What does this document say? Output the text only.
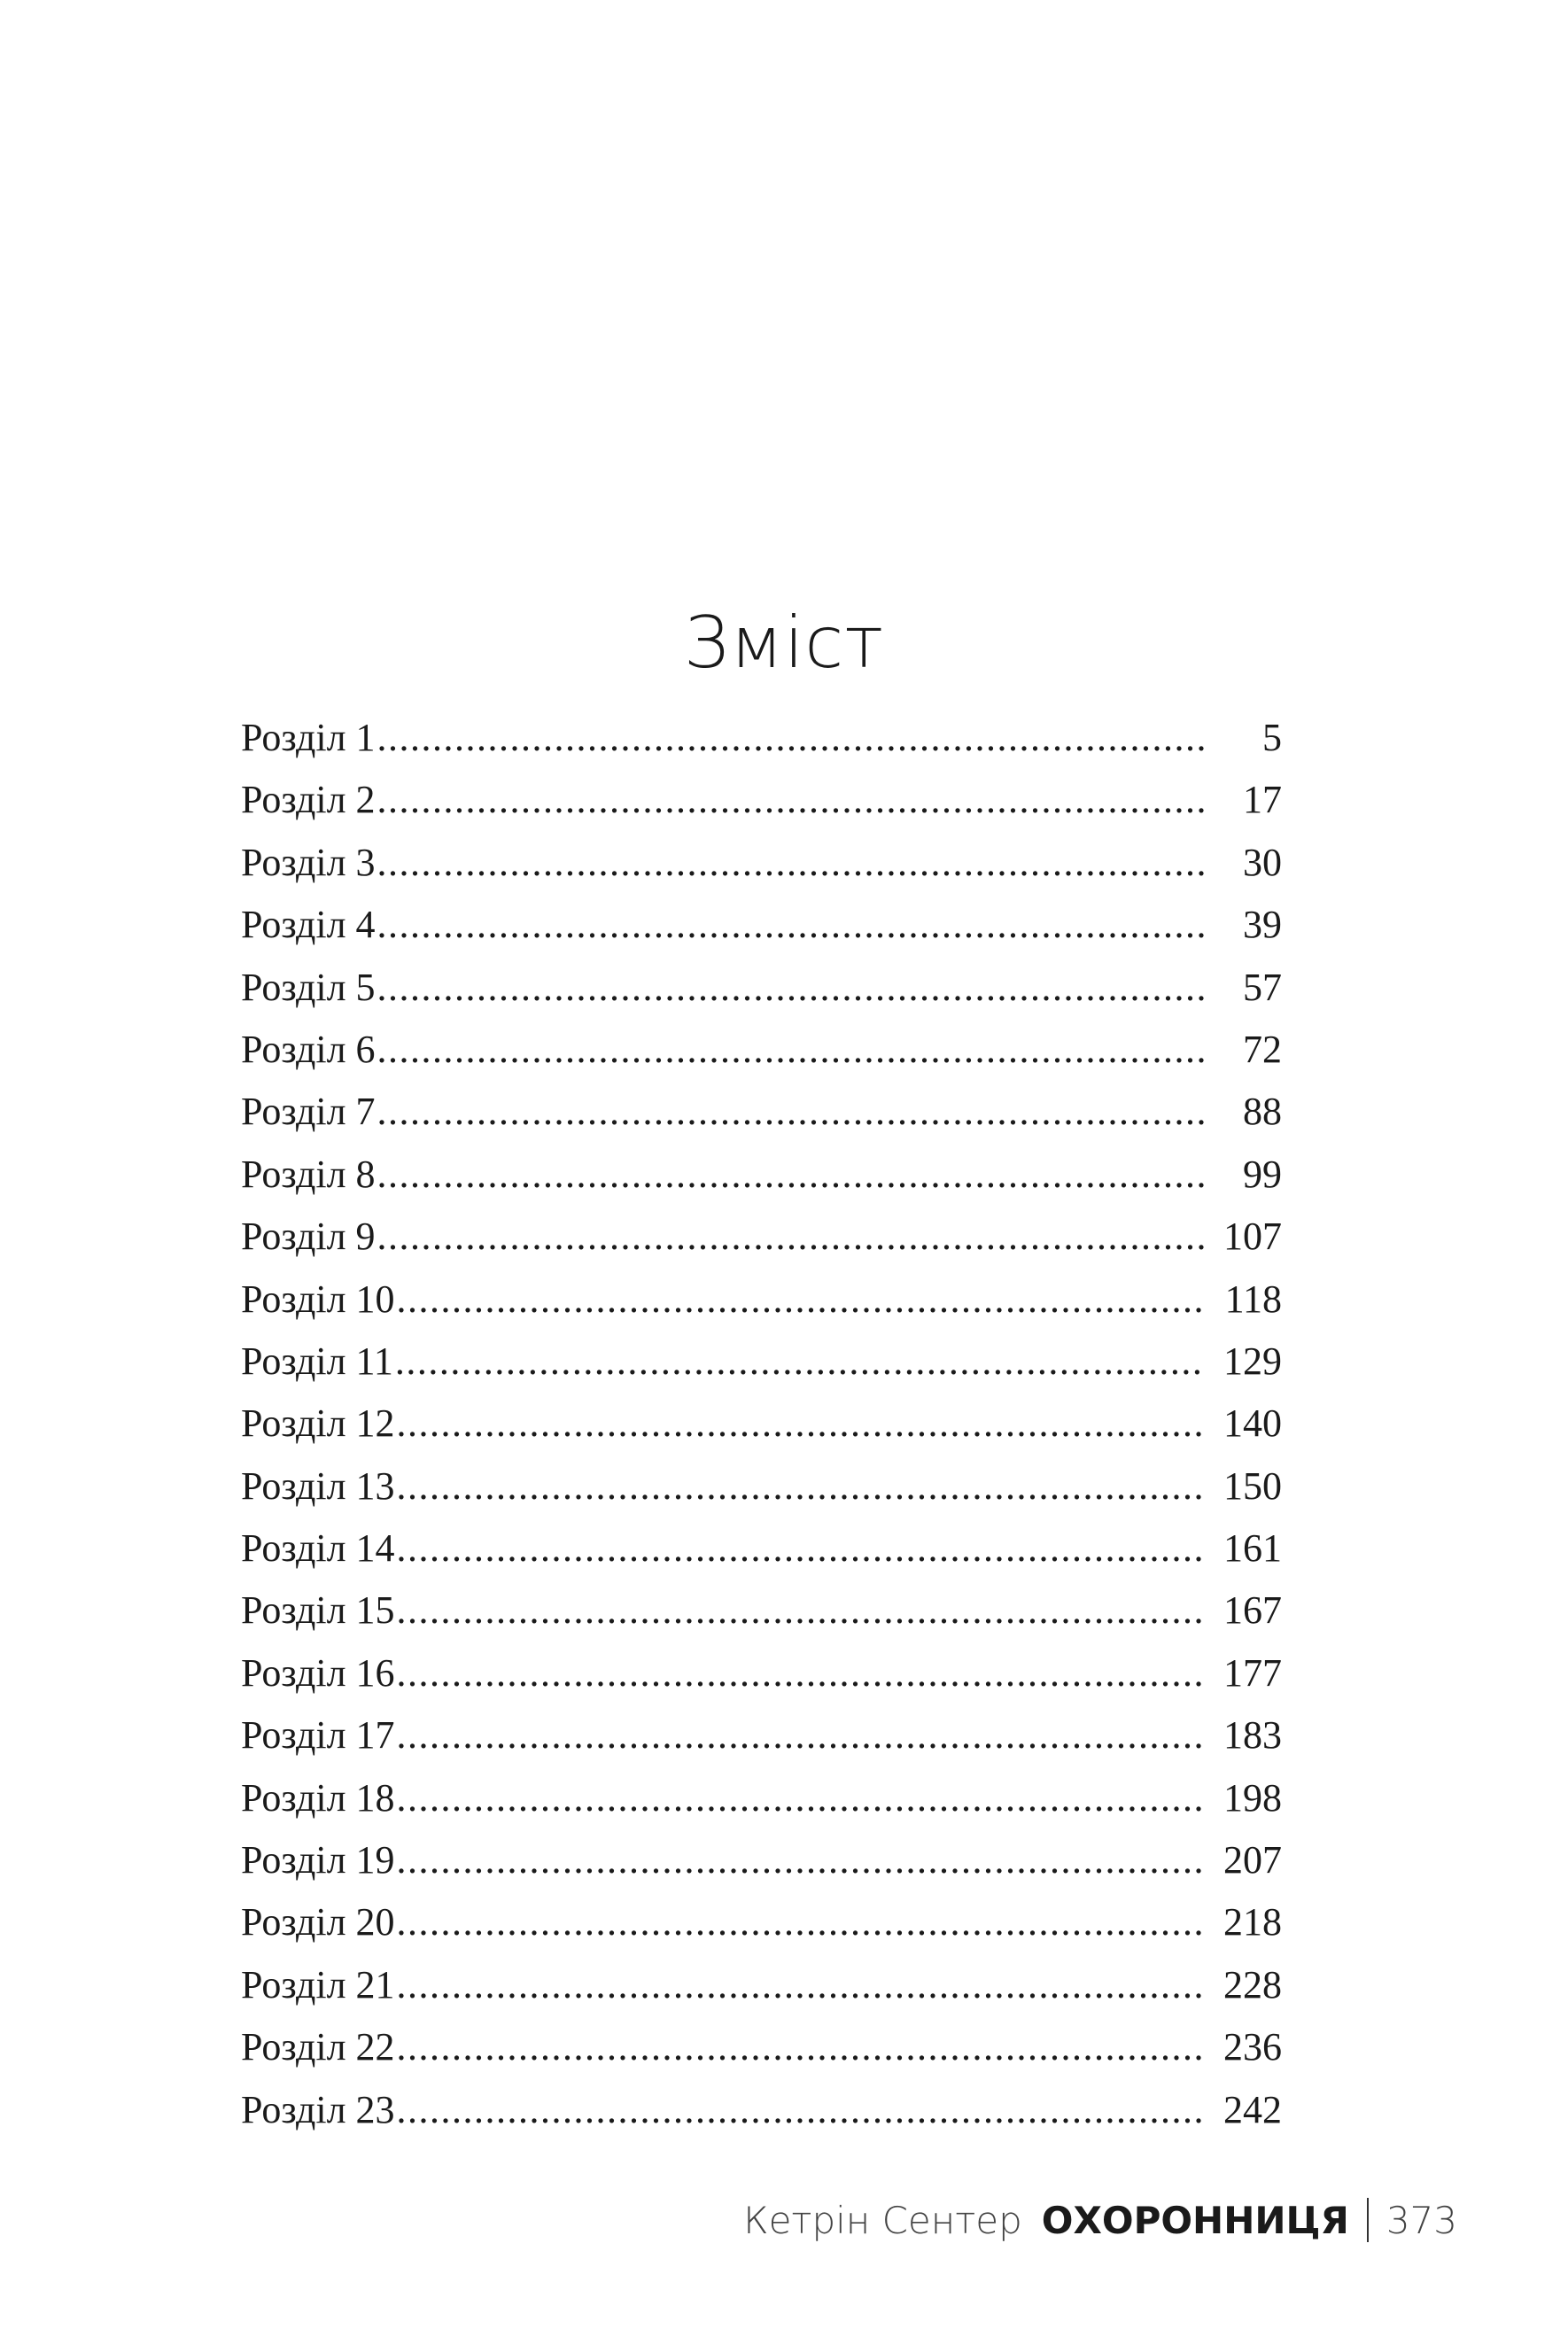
Зміст
Розділ 1 .....	5
Розділ 2 .....	17
Розділ 3 .....	30
Розділ 4 .....	39
Розділ 5 .....	57
Розділ 6 .....	72
Розділ 7 .....	88
Розділ 8 .....	99
Розділ 9 .....	107
Розділ 10 .....	118
Розділ 11 .....	129
Розділ 12 .....	140
Розділ 13 .....	150
Розділ 14 .....	161
Розділ 15 .....	167
Розділ 16 .....	177
Розділ 17 .....	183
Розділ 18 .....	198
Розділ 19 .....	207
Розділ 20 .....	218
Розділ 21 .....	228
Розділ 22 .....	236
Розділ 23 .....	242
Кетрін Сентер ОХОРОННИЦЯ 373
